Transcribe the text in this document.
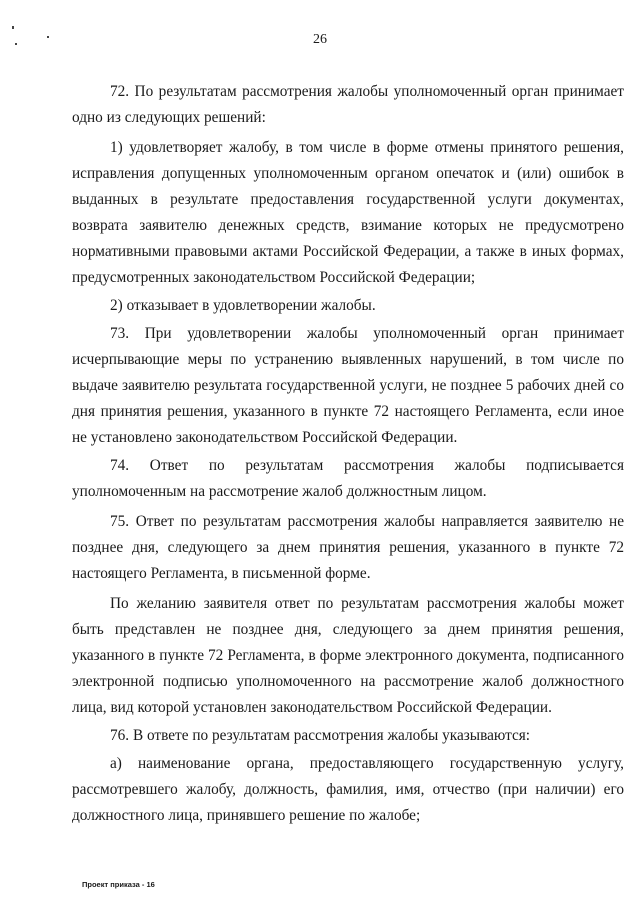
26

72. По результатам рассмотрения жалобы уполномоченный орган принимает одно из следующих решений:

1) удовлетворяет жалобу, в том числе в форме отмены принятого решения, исправления допущенных уполномоченным органом опечаток и (или) ошибок в выданных в результате предоставления государственной услуги документах, возврата заявителю денежных средств, взимание которых не предусмотрено нормативными правовыми актами Российской Федерации, а также в иных формах, предусмотренных законодательством Российской Федерации;

2) отказывает в удовлетворении жалобы.

73. При удовлетворении жалобы уполномоченный орган принимает исчерпывающие меры по устранению выявленных нарушений, в том числе по выдаче заявителю результата государственной услуги, не позднее 5 рабочих дней со дня принятия решения, указанного в пункте 72 настоящего Регламента, если иное не установлено законодательством Российской Федерации.

74. Ответ по результатам рассмотрения жалобы подписывается уполномоченным на рассмотрение жалоб должностным лицом.

75. Ответ по результатам рассмотрения жалобы направляется заявителю не позднее дня, следующего за днем принятия решения, указанного в пункте 72 настоящего Регламента, в письменной форме.

По желанию заявителя ответ по результатам рассмотрения жалобы может быть представлен не позднее дня, следующего за днем принятия решения, указанного в пункте 72 Регламента, в форме электронного документа, подписанного электронной подписью уполномоченного на рассмотрение жалоб должностного лица, вид которой установлен законодательством Российской Федерации.

76. В ответе по результатам рассмотрения жалобы указываются:

а) наименование органа, предоставляющего государственную услугу, рассмотревшего жалобу, должность, фамилия, имя, отчество (при наличии) его должностного лица, принявшего решение по жалобе;

Проект приказа - 16
